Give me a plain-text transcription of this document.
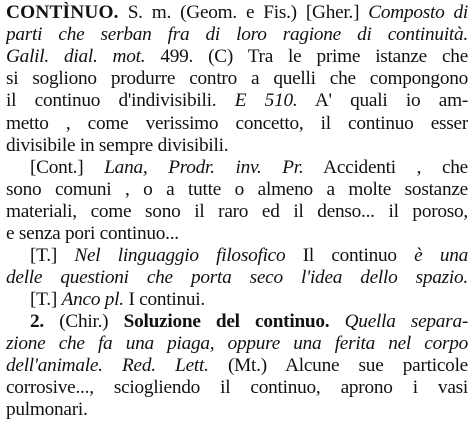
CONTÌNUO. S. m. (Geom. e Fis.) [Gher.] Composto di
parti che serban fra di loro ragione di continuità.
Galil. dial. mot. 499. (C) Tra le prime istanze che
si sogliono produrre contro a quelli che compongono
il continuo d'indivisibili. E 510. A' quali io am-
metto , come verissimo concetto, il continuo esser
divisibile in sempre divisibili.
[Cont.] Lana, Prodr. inv. Pr. Accidenti , che
sono comuni , o a tutte o almeno a molte sostanze
materiali, come sono il raro ed il denso... il poroso,
e senza pori continuo...
[T.] Nel linguaggio filosofico Il continuo è una
delle questioni che porta seco l'idea dello spazio.
[T.] Anco pl. I continui.
2. (Chir.) Soluzione del continuo. Quella separa-
zione che fa una piaga, oppure una ferita nel corpo
dell'animale. Red. Lett. (Mt.) Alcune sue particole
corrosive..., sciogliendo il continuo, aprono i vasi
pulmonari.
